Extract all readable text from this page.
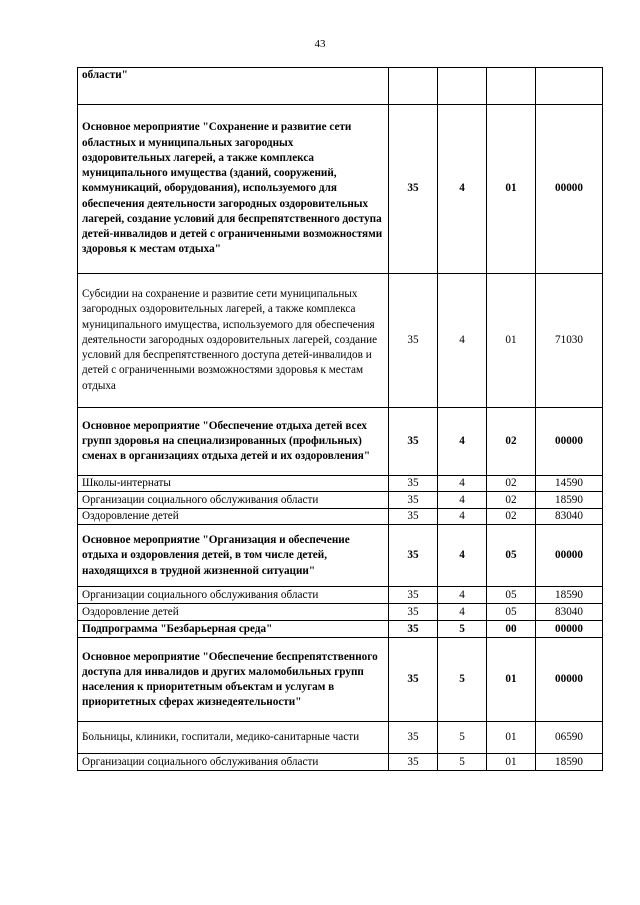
43
области"				
Основное мероприятие "Сохранение и развитие сети областных и муниципальных загородных оздоровительных лагерей, а также комплекса муниципального имущества (зданий, сооружений, коммуникаций, оборудования), используемого для обеспечения деятельности загородных оздоровительных лагерей, создание условий для беспрепятственного доступа детей-инвалидов и детей с ограниченными возможностями здоровья к местам отдыха"	35	4	01	00000
Субсидии на сохранение и развитие сети муниципальных загородных оздоровительных лагерей, а также комплекса муниципального имущества, используемого для обеспечения деятельности загородных оздоровительных лагерей, создание условий для беспрепятственного доступа детей-инвалидов и детей с ограниченными возможностями здоровья к местам отдыха	35	4	01	71030
Основное мероприятие "Обеспечение отдыха детей всех групп здоровья на специализированных (профильных) сменах в организациях отдыха детей и их оздоровления"	35	4	02	00000
Школы-интернаты	35	4	02	14590
Организации социального обслуживания области	35	4	02	18590
Оздоровление детей	35	4	02	83040
Основное мероприятие "Организация и обеспечение отдыха и оздоровления детей, в том числе детей, находящихся в трудной жизненной ситуации"	35	4	05	00000
Организации социального обслуживания области	35	4	05	18590
Оздоровление детей	35	4	05	83040
Подпрограмма "Безбарьерная среда"	35	5	00	00000
Основное мероприятие "Обеспечение беспрепятственного доступа для инвалидов и других маломобильных групп населения к приоритетным объектам и услугам в приоритетных сферах жизнедеятельности"	35	5	01	00000
Больницы, клиники, госпитали, медико-санитарные части	35	5	01	06590
Организации социального обслуживания области	35	5	01	18590
